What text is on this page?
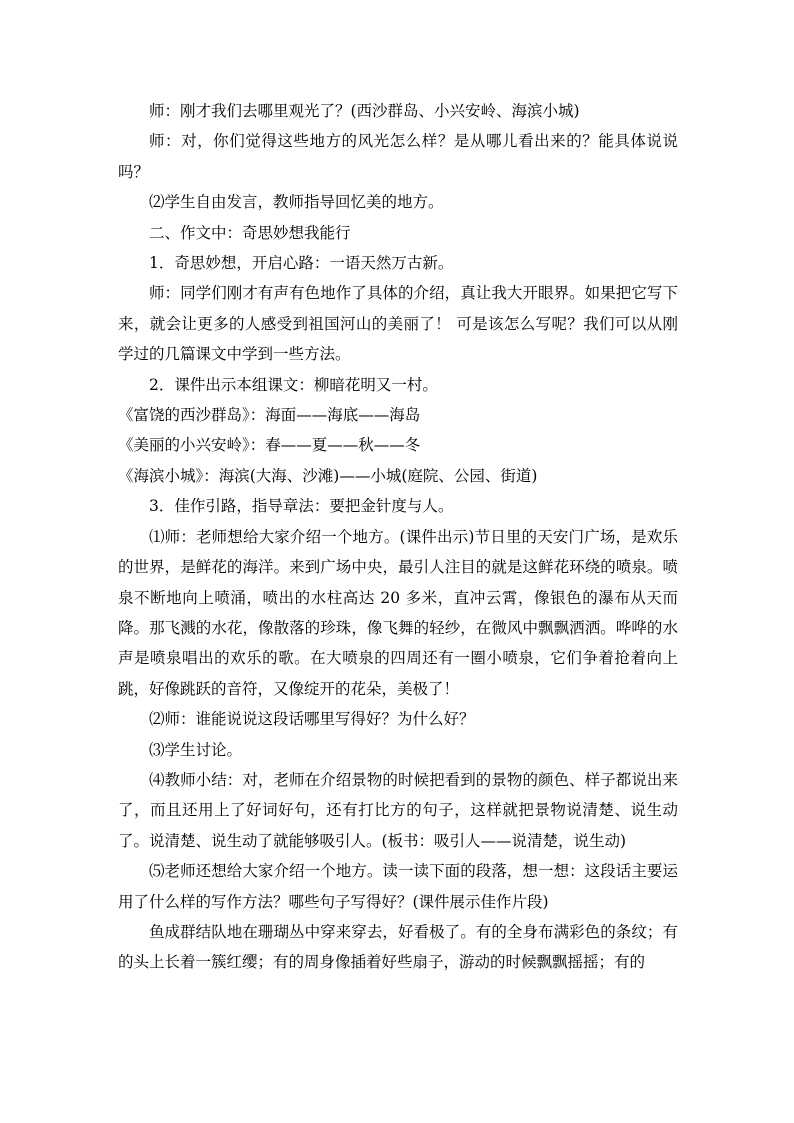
师：刚才我们去哪里观光了？(西沙群岛、小兴安岭、海滨小城)

师：对，你们觉得这些地方的风光怎么样？是从哪儿看出来的？能具体说说吗？

⑵学生自由发言，教师指导回忆美的地方。

二、作文中：奇思妙想我能行

1．奇思妙想，开启心路：一语天然万古新。

师：同学们刚才有声有色地作了具体的介绍，真让我大开眼界。如果把它写下来，就会让更多的人感受到祖国河山的美丽了！ 可是该怎么写呢？我们可以从刚学过的几篇课文中学到一些方法。

2．课件出示本组课文：柳暗花明又一村。

《富饶的西沙群岛》：海面——海底——海岛

《美丽的小兴安岭》：春——夏——秋——冬

《海滨小城》：海滨(大海、沙滩)——小城(庭院、公园、街道)

3．佳作引路，指导章法：要把金针度与人。

⑴师：老师想给大家介绍一个地方。(课件出示)节日里的天安门广场，是欢乐的世界，是鲜花的海洋。来到广场中央，最引人注目的就是这鲜花环绕的喷泉。喷泉不断地向上喷涌，喷出的水柱高达 20 多米，直冲云霄，像银色的瀑布从天而降。那飞溅的水花，像散落的珍珠，像飞舞的轻纱，在微风中飘飘洒洒。哗哗的水声是喷泉唱出的欢乐的歌。在大喷泉的四周还有一圈小喷泉，它们争着抢着向上跳，好像跳跃的音符，又像绽开的花朵，美极了！

⑵师：谁能说说这段话哪里写得好？为什么好？

⑶学生讨论。

⑷教师小结：对，老师在介绍景物的时候把看到的景物的颜色、样子都说出来了，而且还用上了好词好句，还有打比方的句子，这样就把景物说清楚、说生动了。说清楚、说生动了就能够吸引人。(板书：吸引人——说清楚，说生动)

⑸老师还想给大家介绍一个地方。读一读下面的段落，想一想：这段话主要运用了什么样的写作方法？哪些句子写得好？(课件展示佳作片段)

鱼成群结队地在珊瑚丛中穿来穿去，好看极了。有的全身布满彩色的条纹；有的头上长着一簇红缨；有的周身像插着好些扇子，游动的时候飘飘摇摇；有的
